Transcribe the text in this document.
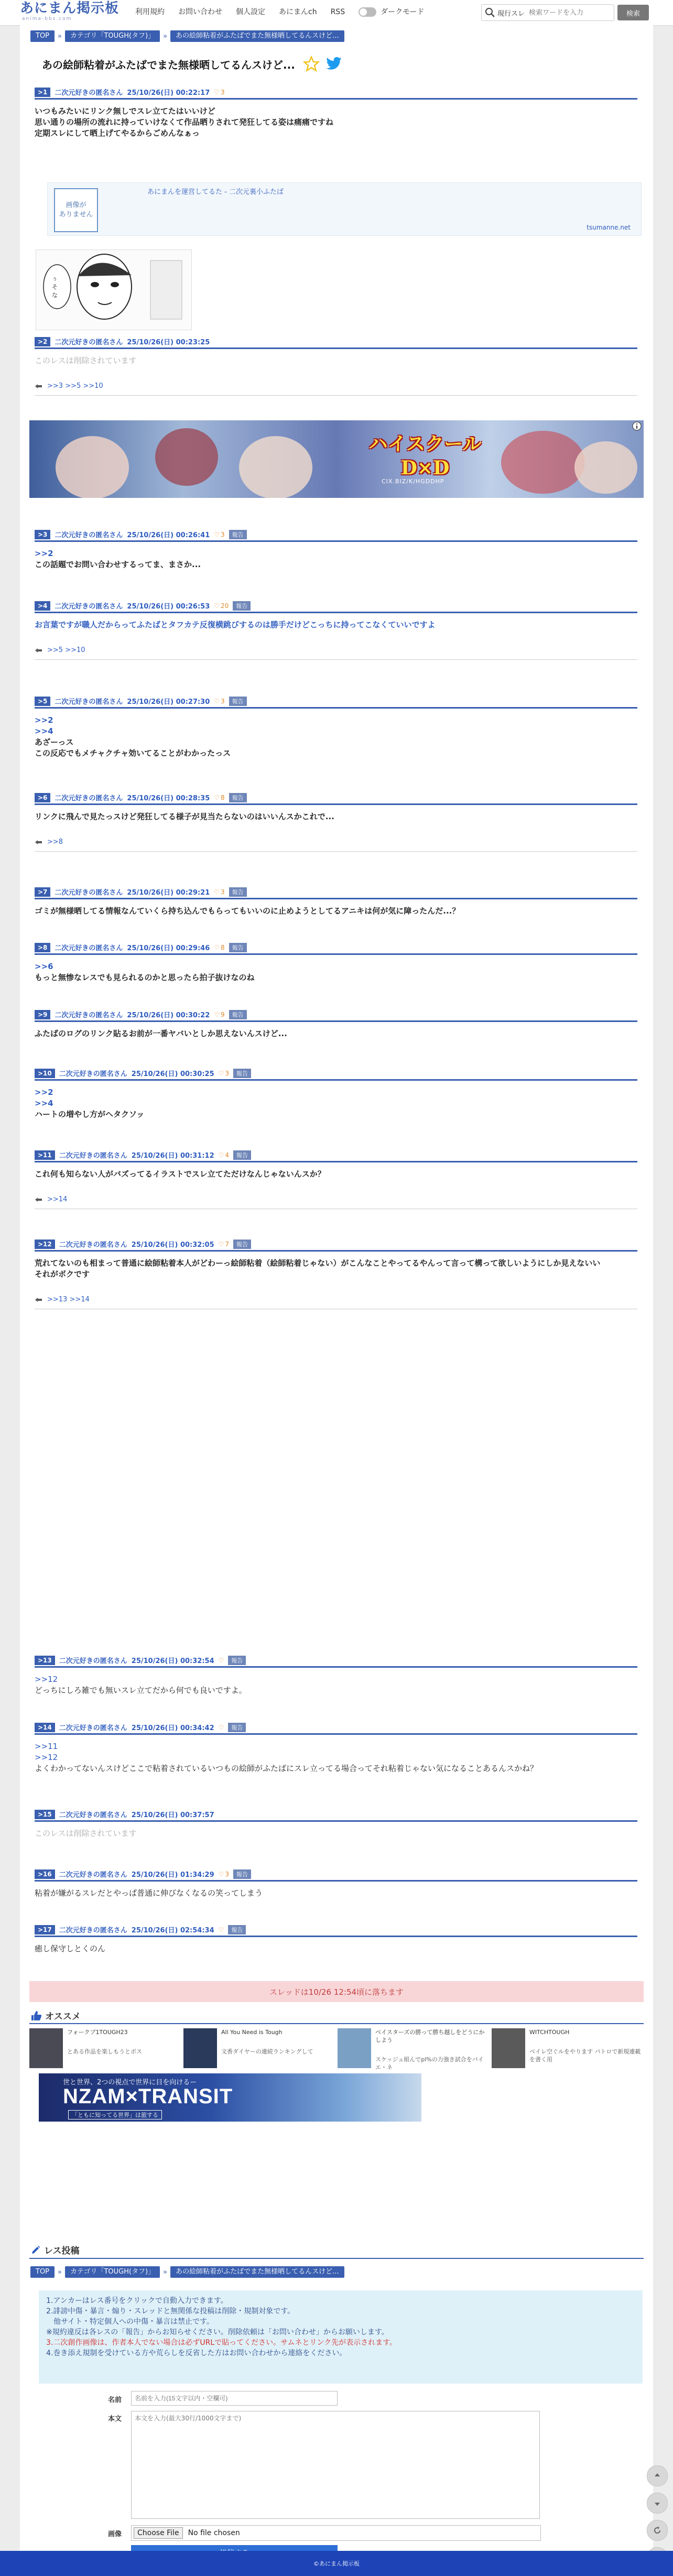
あにまん掲示板
anima-bbs.com
利用規約 お問い合わせ 個人設定 あにまんch RSS	ダークモード	現行スレ
検索ワードを入力	検索
TOP	»	カテゴリ「TOUGH(タフ)」	»	あの絵師粘着がふたばでまた無様晒してるんスけど...
あの絵師粘着がふたばでまた無様晒してるんスけど...
>1	二次元好きの匿名さん 25/10/26(日) 00:22:17 ♡ 3
いつもみたいにリンク無しでスレ立てたはいいけど
思い通りの場所の流れに持っていけなくて作品晒りされて発狂してる姿は痛痛ですね
定期スレにして晒上げてやるからごめんなぁっ
画像が
ありません
あにまんを運営してるた - 二次元裏小ふたば
tsumanne.net
ぅ
そ
な
>2	二次元好きの匿名さん 25/10/26(日) 00:23:25
このレスは削除されています
>>3 >>5 >>10
ハイスクール
D×D
CIX.BIZ/K/HGDDHP
>3	二次元好きの匿名さん 25/10/26(日) 00:26:41 ♡ 3	報告
>>2
この話題でお問い合わせするってま、まさか...
>4	二次元好きの匿名さん 25/10/26(日) 00:26:53 ♡ 20	報告
お言葉ですが職人だからってふたばとタフカテ反復横跳びするのは勝手だけどこっちに持ってこなくていいですよ
>>5 >>10
>5	二次元好きの匿名さん 25/10/26(日) 00:27:30 ♡ 3	報告
>>2
>>4
あざーっス
この反応でもメチャクチャ効いてることがわかったっス
>6	二次元好きの匿名さん 25/10/26(日) 00:28:35 ♡ 8	報告
リンクに飛んで見たっスけど発狂してる様子が見当たらないのはいいんスかこれで...
>>8
>7	二次元好きの匿名さん 25/10/26(日) 00:29:21 ♡ 3	報告
ゴミが無様晒してる情報なんていくら持ち込んでもらってもいいのに止めようとしてるアニキは何が気に障ったんだ...？
>8	二次元好きの匿名さん 25/10/26(日) 00:29:46 ♡ 8	報告
>>6
もっと無惨なレスでも見られるのかと思ったら拍子抜けなのね
>9	二次元好きの匿名さん 25/10/26(日) 00:30:22 ♡ 9	報告
ふたばのログのリンク貼るお前が一番ヤバいとしか思えないんスけど...
>10	二次元好きの匿名さん 25/10/26(日) 00:30:25 ♡ 3	報告
>>2
>>4
ハートの増やし方がヘタクソッ
>11	二次元好きの匿名さん 25/10/26(日) 00:31:12 ♡ 4	報告
これ何も知らない人がバズってるイラストでスレ立てただけなんじゃないんスか？
>>14
>12	二次元好きの匿名さん 25/10/26(日) 00:32:05 ♡ 7	報告
荒れてないのも相まって普通に絵師粘着本人がどわーっ絵師粘着（絵師粘着じゃない）がこんなことやってるやんって言って構って欲しいようにしか見えないい
それがボクです
>>13 >>14
>13	二次元好きの匿名さん 25/10/26(日) 00:32:54 ♡	報告
>>12
どっちにしろ雑でも無いスレ立てだから何でも良いですよ。
>14	二次元好きの匿名さん 25/10/26(日) 00:34:42 ♡	報告
>>11
>>12
よくわかってないんスけどここで粘着されているいつもの絵師がふたばにスレ立ってる場合ってそれ粘着じゃない気になることあるんスかね？
>15	二次元好きの匿名さん 25/10/26(日) 00:37:57
このレスは削除されています
>16	二次元好きの匿名さん 25/10/26(日) 01:34:29 ♡ 3	報告
粘着が嫌がるスレだとやっぱ普通に伸びなくなるの笑ってしまう
>17	二次元好きの匿名さん 25/10/26(日) 02:54:34 ♡	報告
癒し保守しとくのん
スレッドは10/26 12:54頃に落ちます
オススメ
フォークプ1TOUGH23
とある作品を楽しもうとボス
All You Need is Tough
文香ダイヤーの連続ランキングして
ベイスターズの勝って勝ち越しをどうにかしよう
スケッジュ組んでpl%の力強き試合をパイエ・ネ
WITCHTOUGH
ベイレ空ぐルをやります パトロで新規連載を書く用
世と世界、2つの視点で世界に目を向けるー
NZAM×TRANSIT
「ともに知ってる世界」は旅する
レス投稿
TOP	»	カテゴリ「TOUGH(タフ)」	»	あの絵師粘着がふたばでまた無様晒してるんスけど...
1.アンカーはレス番号をクリックで自動入力できます。
2.誹謗中傷・暴言・煽り・スレッドと無関係な投稿は削除・規制対象です。
　他サイト・特定個人への中傷・暴言は禁止です。
※規約違反は各レスの「報告」からお知らせください。削除依頼は「お問い合わせ」からお願いします。
3.二次創作画像は、作者本人でない場合は必ずURLで貼ってください。サムネとリンク先が表示されます。
4.巻き添え規制を受けている方や荒らしを反省した方はお問い合わせから連絡をください。
名前
名前を入力(15文字以内・空欄可)
本文
本文を入力(最大30行/1000文字まで)
画像	Choose File	No file chosen
©あにまん掲示板
